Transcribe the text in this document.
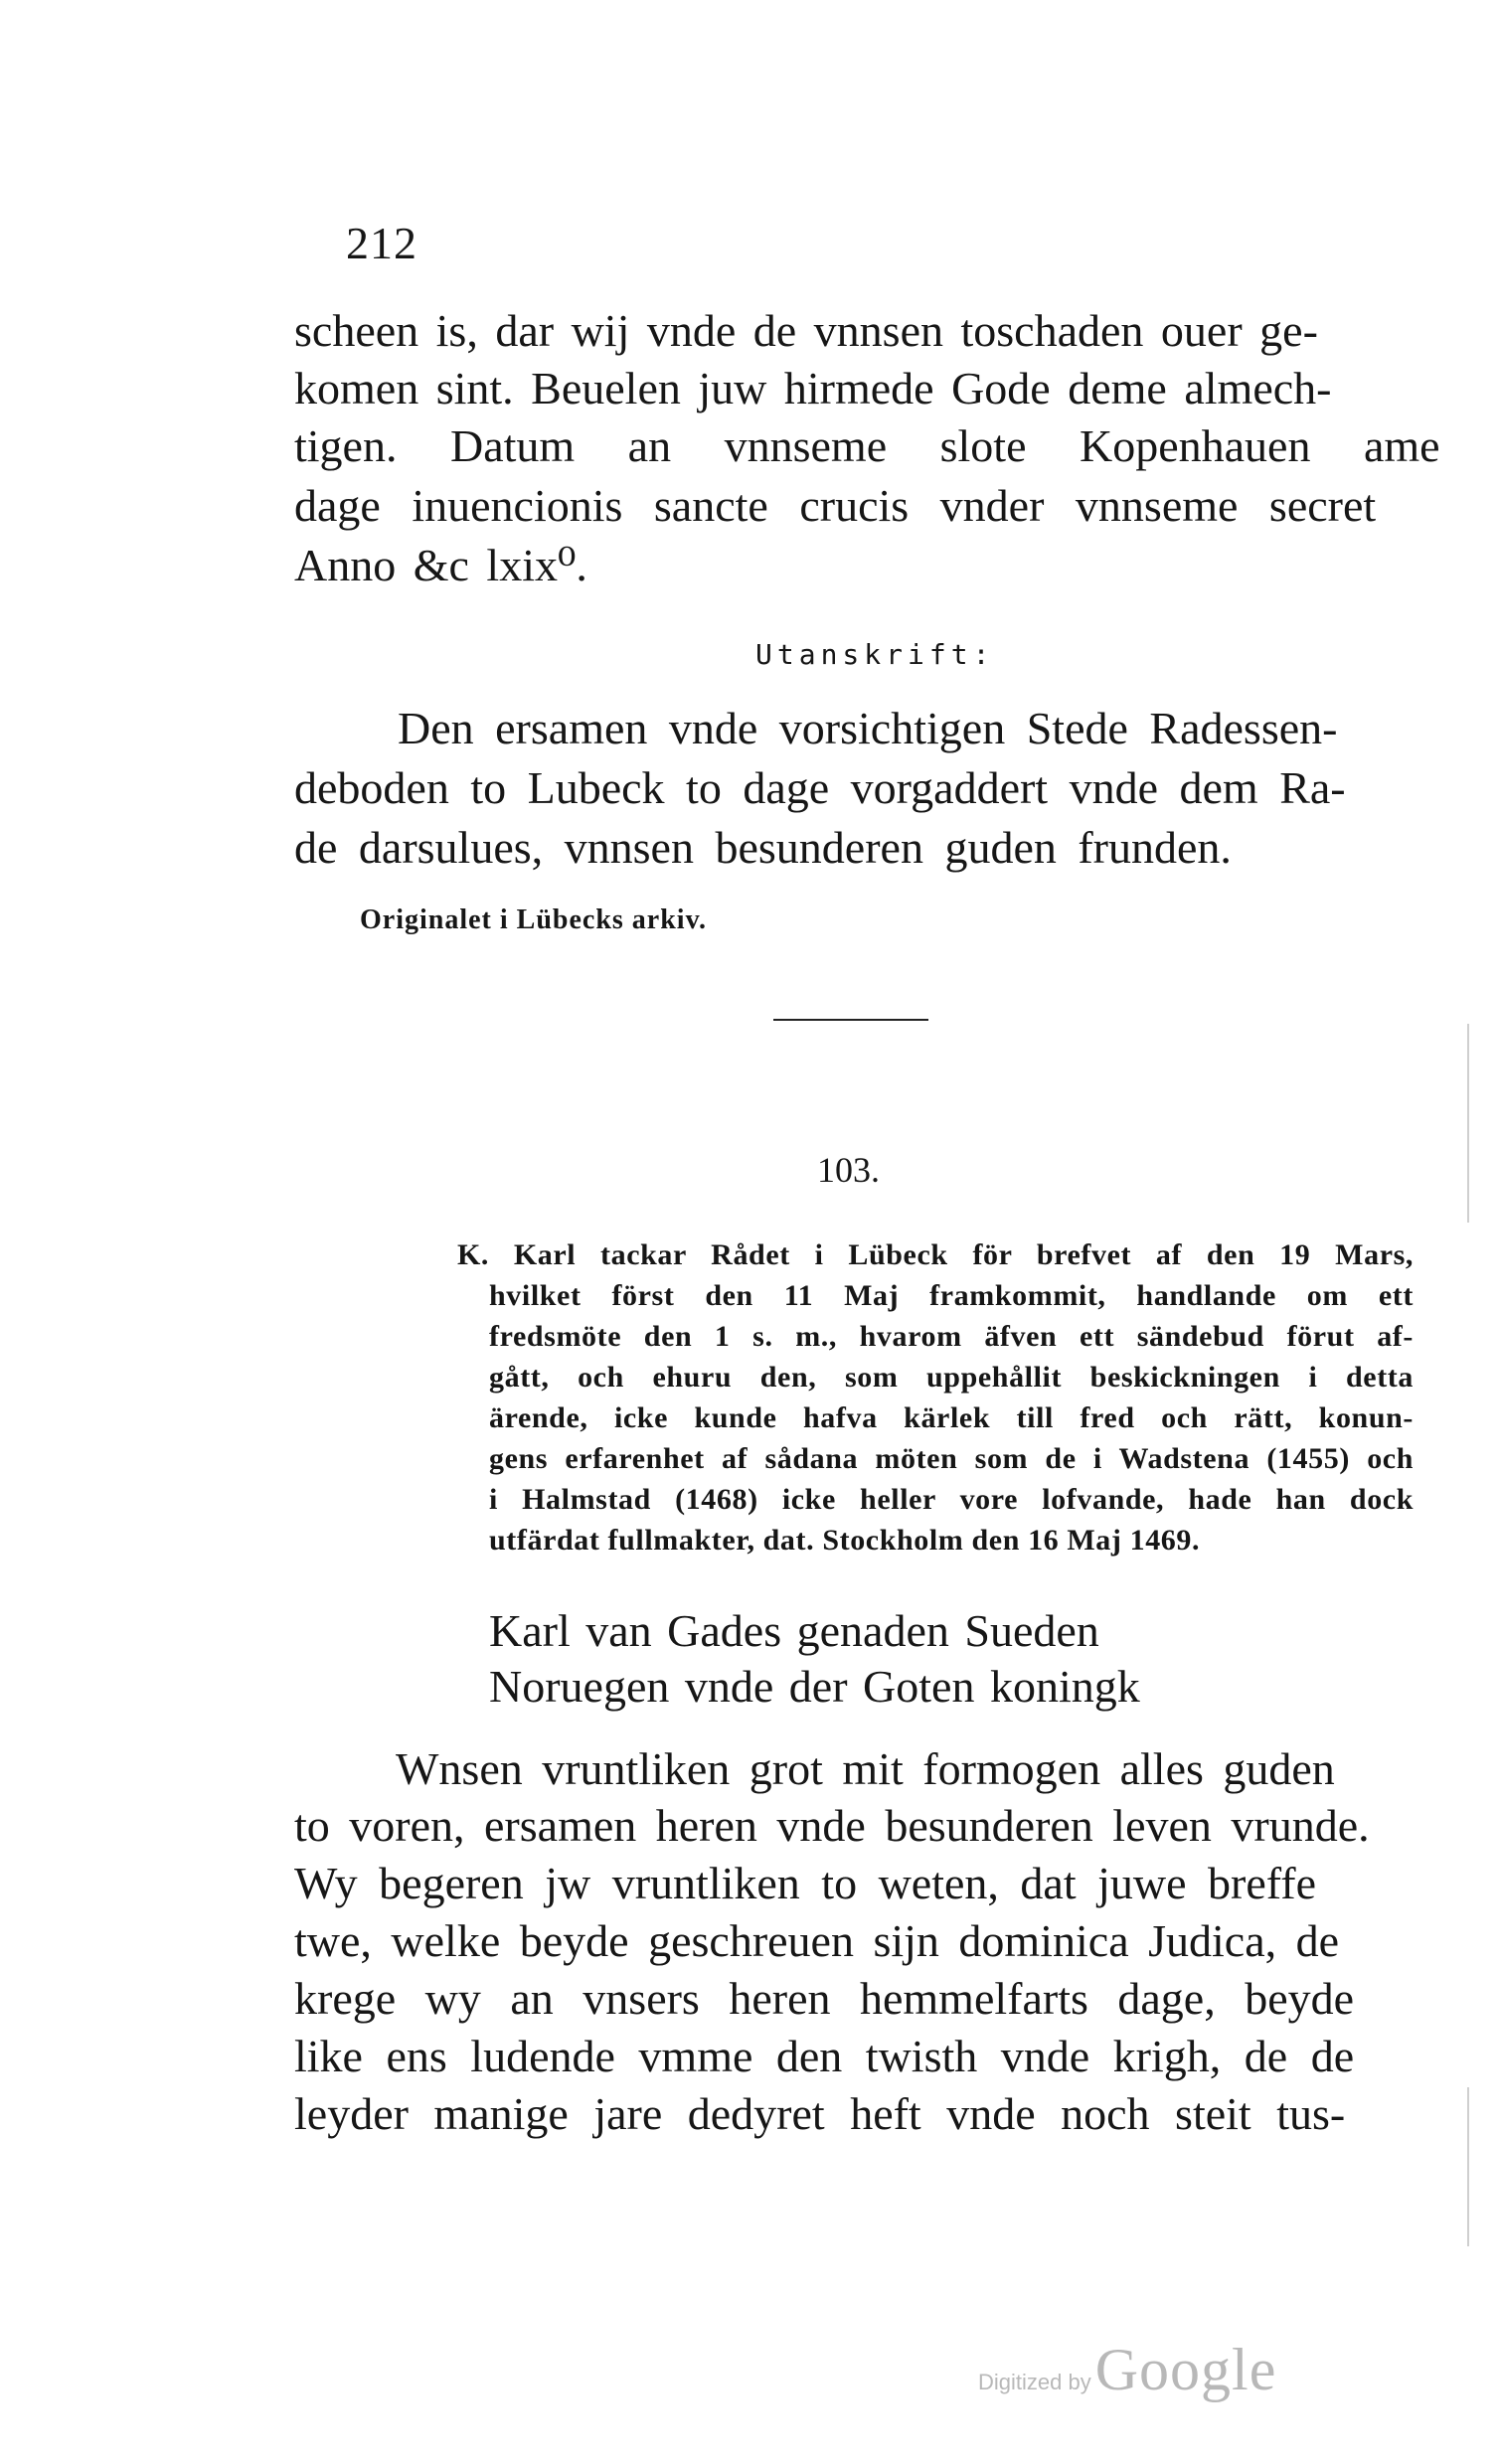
212
scheen is, dar wij vnde de vnnsen toschaden ouer ge-
komen sint. Beuelen juw hirmede Gode deme almech-
tigen. Datum an vnnseme slote Kopenhauen ame
dage inuencionis sancte crucis vnder vnnseme secret
Anno &c lxix⁰.
Utanskrift:
Den ersamen vnde vorsichtigen Stede Radessen-
deboden to Lubeck to dage vorgaddert vnde dem Ra-
de darsulues, vnnsen besunderen guden frunden.
Originalet i Lübecks arkiv.
103.
K. Karl tackar Rådet i Lübeck för brefvet af den 19 Mars,
hvilket först den 11 Maj framkommit, handlande om ett
fredsmöte den 1 s. m., hvarom äfven ett sändebud förut af-
gått, och ehuru den, som uppehållit beskickningen i detta
ärende, icke kunde hafva kärlek till fred och rätt, konun-
gens erfarenhet af sådana möten som de i Wadstena (1455) och
i Halmstad (1468) icke heller vore lofvande, hade han dock
utfärdat fullmakter, dat. Stockholm den 16 Maj 1469.
Karl van Gades genaden Sueden
Noruegen vnde der Goten koningk
Wnsen vruntliken grot mit formogen alles guden
to voren, ersamen heren vnde besunderen leven vrunde.
Wy begeren jw vruntliken to weten, dat juwe breffe
twe, welke beyde geschreuen sijn dominica Judica, de
krege wy an vnsers heren hemmelfarts dage, beyde
like ens ludende vmme den twisth vnde krigh, de de
leyder manige jare dedyret heft vnde noch steit tus-
Digitized by Google
